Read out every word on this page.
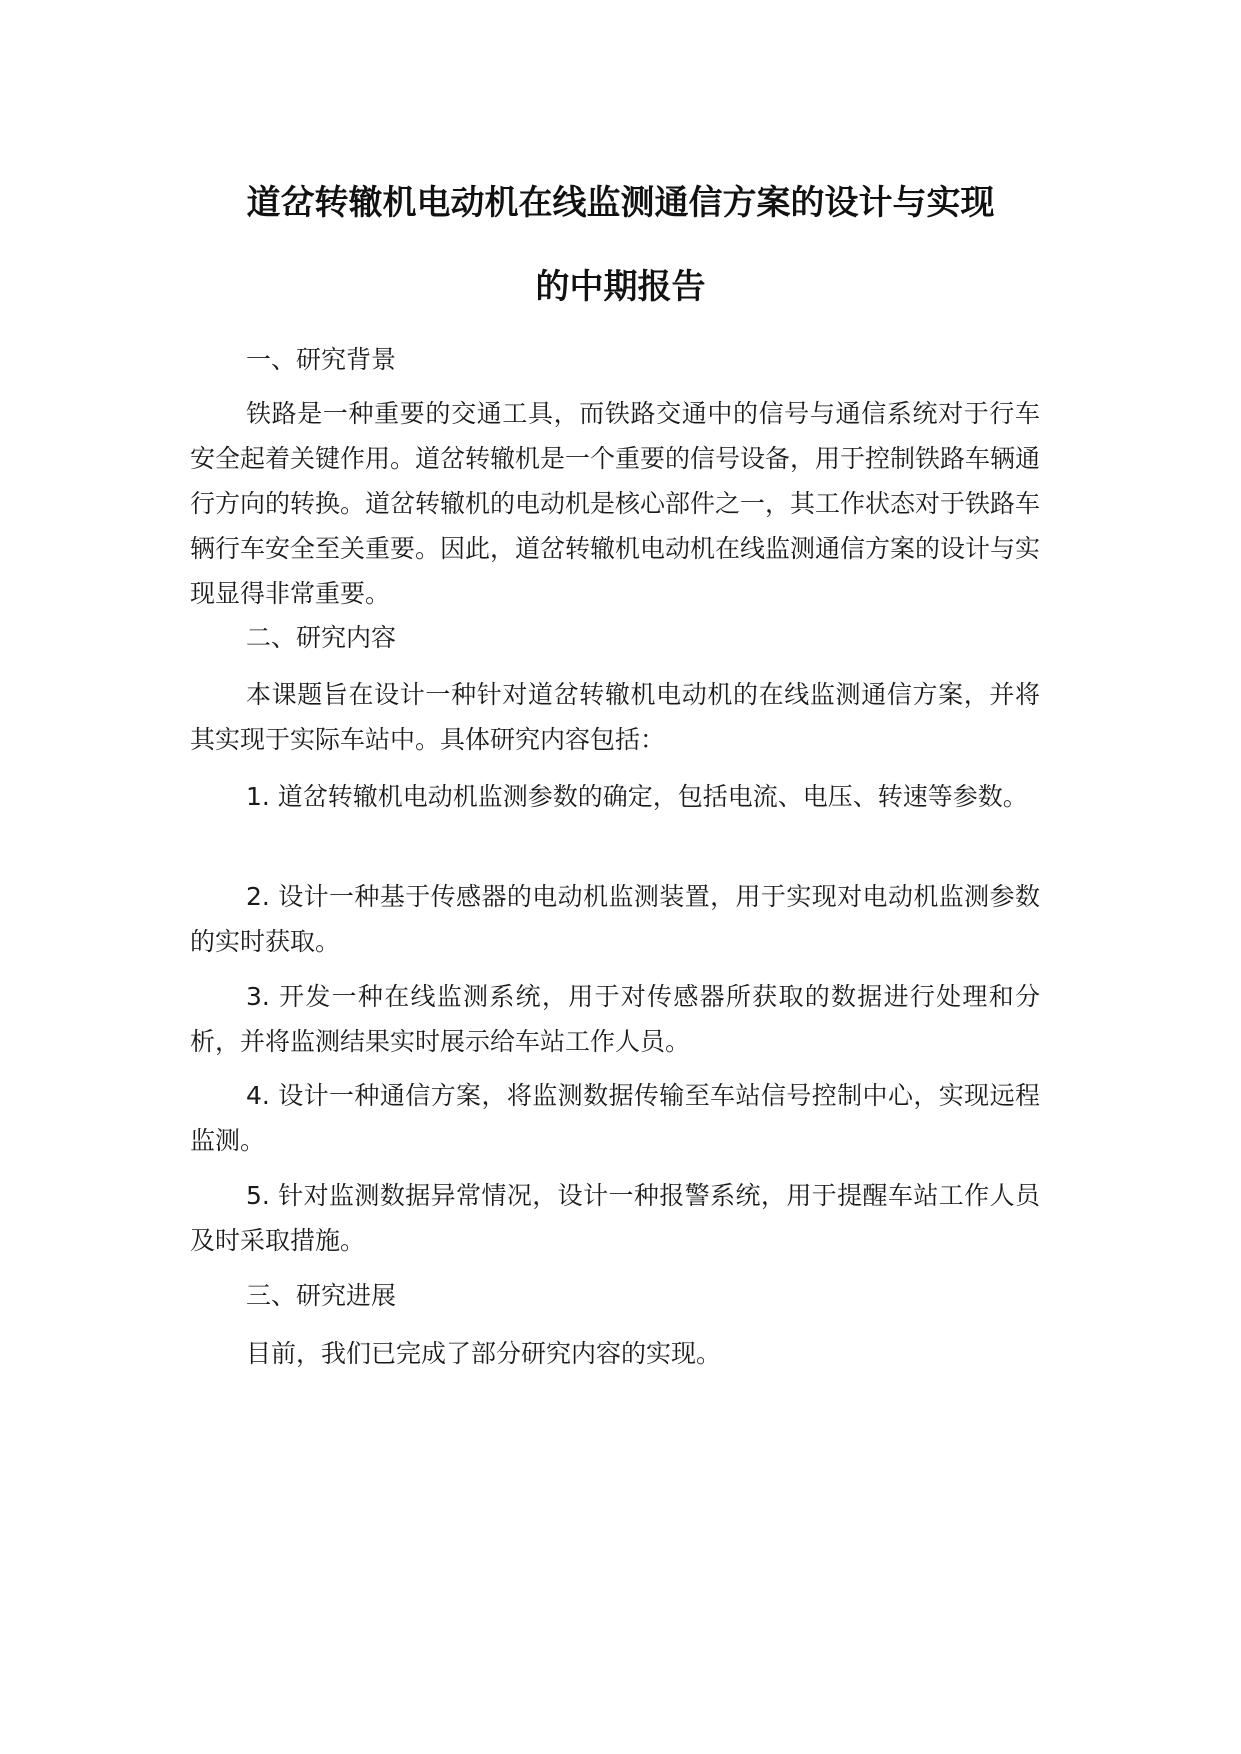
道岔转辙机电动机在线监测通信方案的设计与实现
的中期报告

一、研究背景

铁路是一种重要的交通工具，而铁路交通中的信号与通信系统对于行车安全起着关键作用。道岔转辙机是一个重要的信号设备，用于控制铁路车辆通行方向的转换。道岔转辙机的电动机是核心部件之一，其工作状态对于铁路车辆行车安全至关重要。因此，道岔转辙机电动机在线监测通信方案的设计与实现显得非常重要。

二、研究内容

本课题旨在设计一种针对道岔转辙机电动机的在线监测通信方案，并将其实现于实际车站中。具体研究内容包括：

1. 道岔转辙机电动机监测参数的确定，包括电流、电压、转速等参数。

2. 设计一种基于传感器的电动机监测装置，用于实现对电动机监测参数的实时获取。

3. 开发一种在线监测系统，用于对传感器所获取的数据进行处理和分析，并将监测结果实时展示给车站工作人员。

4. 设计一种通信方案，将监测数据传输至车站信号控制中心，实现远程监测。

5. 针对监测数据异常情况，设计一种报警系统，用于提醒车站工作人员及时采取措施。

三、研究进展

目前，我们已完成了部分研究内容的实现。
